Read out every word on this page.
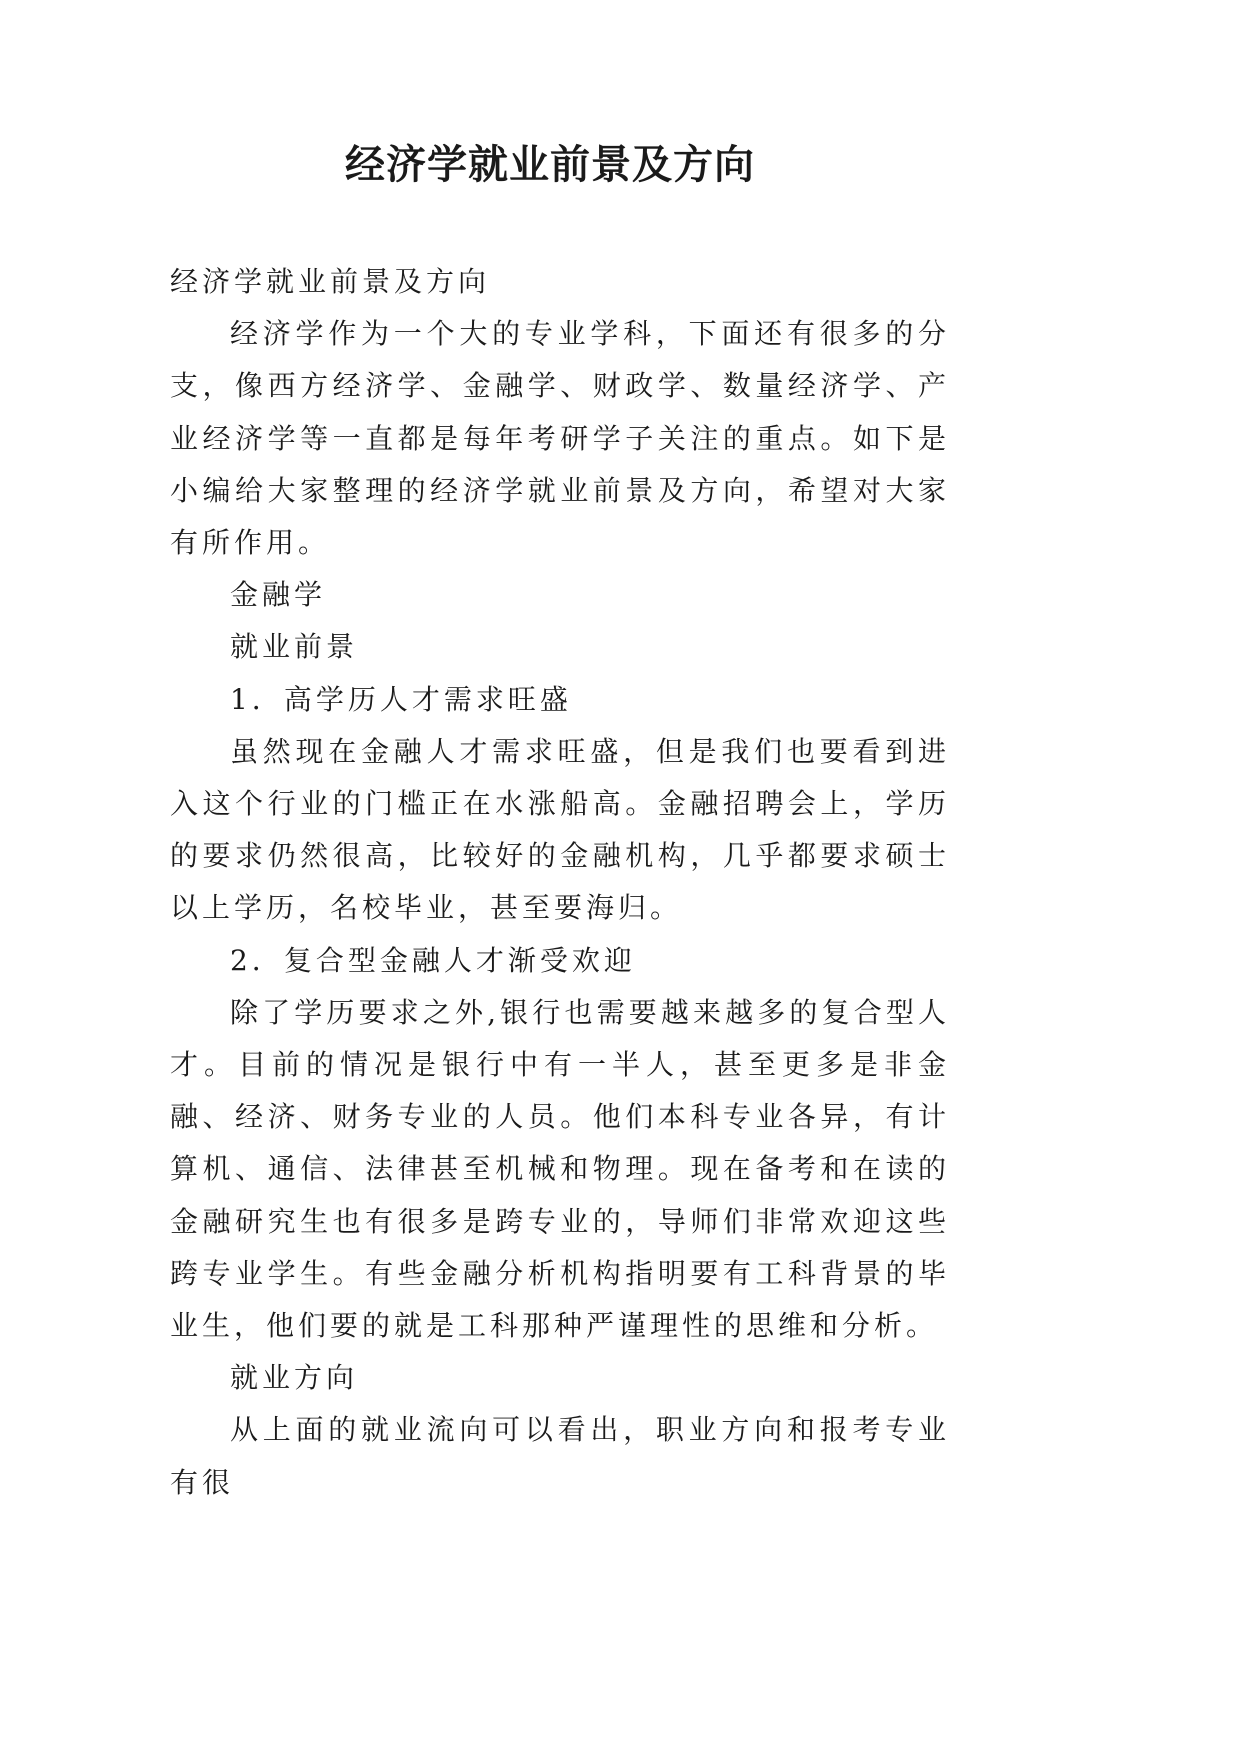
经济学就业前景及方向

经济学就业前景及方向

经济学作为一个大的专业学科，下面还有很多的分支，像西方经济学、金融学、财政学、数量经济学、产业经济学等一直都是每年考研学子关注的重点。如下是小编给大家整理的经济学就业前景及方向，希望对大家有所作用。

金融学

就业前景

1．高学历人才需求旺盛

虽然现在金融人才需求旺盛，但是我们也要看到进入这个行业的门槛正在水涨船高。金融招聘会上，学历的要求仍然很高，比较好的金融机构，几乎都要求硕士以上学历，名校毕业，甚至要海归。

2．复合型金融人才渐受欢迎

除了学历要求之外,银行也需要越来越多的复合型人才。目前的情况是银行中有一半人，甚至更多是非金融、经济、财务专业的人员。他们本科专业各异，有计算机、通信、法律甚至机械和物理。现在备考和在读的金融研究生也有很多是跨专业的，导师们非常欢迎这些跨专业学生。有些金融分析机构指明要有工科背景的毕业生，他们要的就是工科那种严谨理性的思维和分析。

就业方向

从上面的就业流向可以看出，职业方向和报考专业有很
